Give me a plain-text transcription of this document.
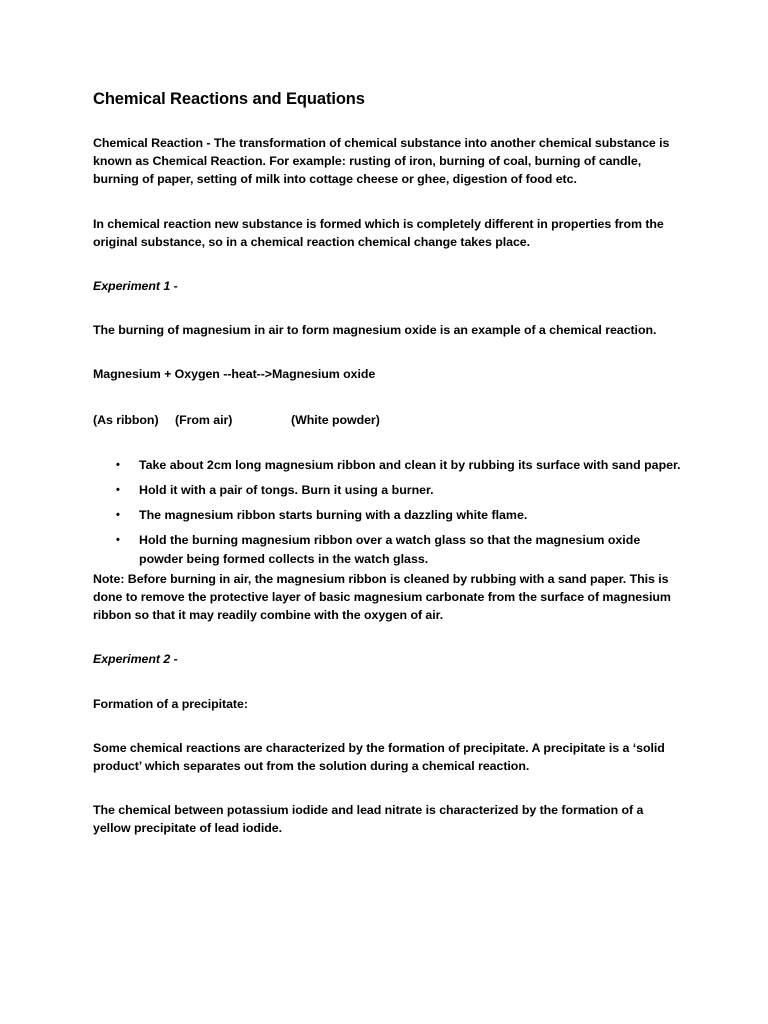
Chemical Reactions and Equations

Chemical Reaction - The transformation of chemical substance into another chemical substance is known as Chemical Reaction. For example: rusting of iron, burning of coal, burning of candle, burning of paper, setting of milk into cottage cheese or ghee, digestion of food etc.

In chemical reaction new substance is formed which is completely different in properties from the original substance, so in a chemical reaction chemical change takes place.

Experiment 1 -

The burning of magnesium in air to form magnesium oxide is an example of a chemical reaction.

Magnesium + Oxygen --heat-->Magnesium oxide

(As ribbon) (From air)	(White powder)

• Take about 2cm long magnesium ribbon and clean it by rubbing its surface with sand paper.
• Hold it with a pair of tongs. Burn it using a burner.
• The magnesium ribbon starts burning with a dazzling white flame.
• Hold the burning magnesium ribbon over a watch glass so that the magnesium oxide powder being formed collects in the watch glass.

Note: Before burning in air, the magnesium ribbon is cleaned by rubbing with a sand paper. This is done to remove the protective layer of basic magnesium carbonate from the surface of magnesium ribbon so that it may readily combine with the oxygen of air.

Experiment 2 -

Formation of a precipitate:

Some chemical reactions are characterized by the formation of precipitate. A precipitate is a ‘solid product’ which separates out from the solution during a chemical reaction.

The chemical between potassium iodide and lead nitrate is characterized by the formation of a yellow precipitate of lead iodide.
